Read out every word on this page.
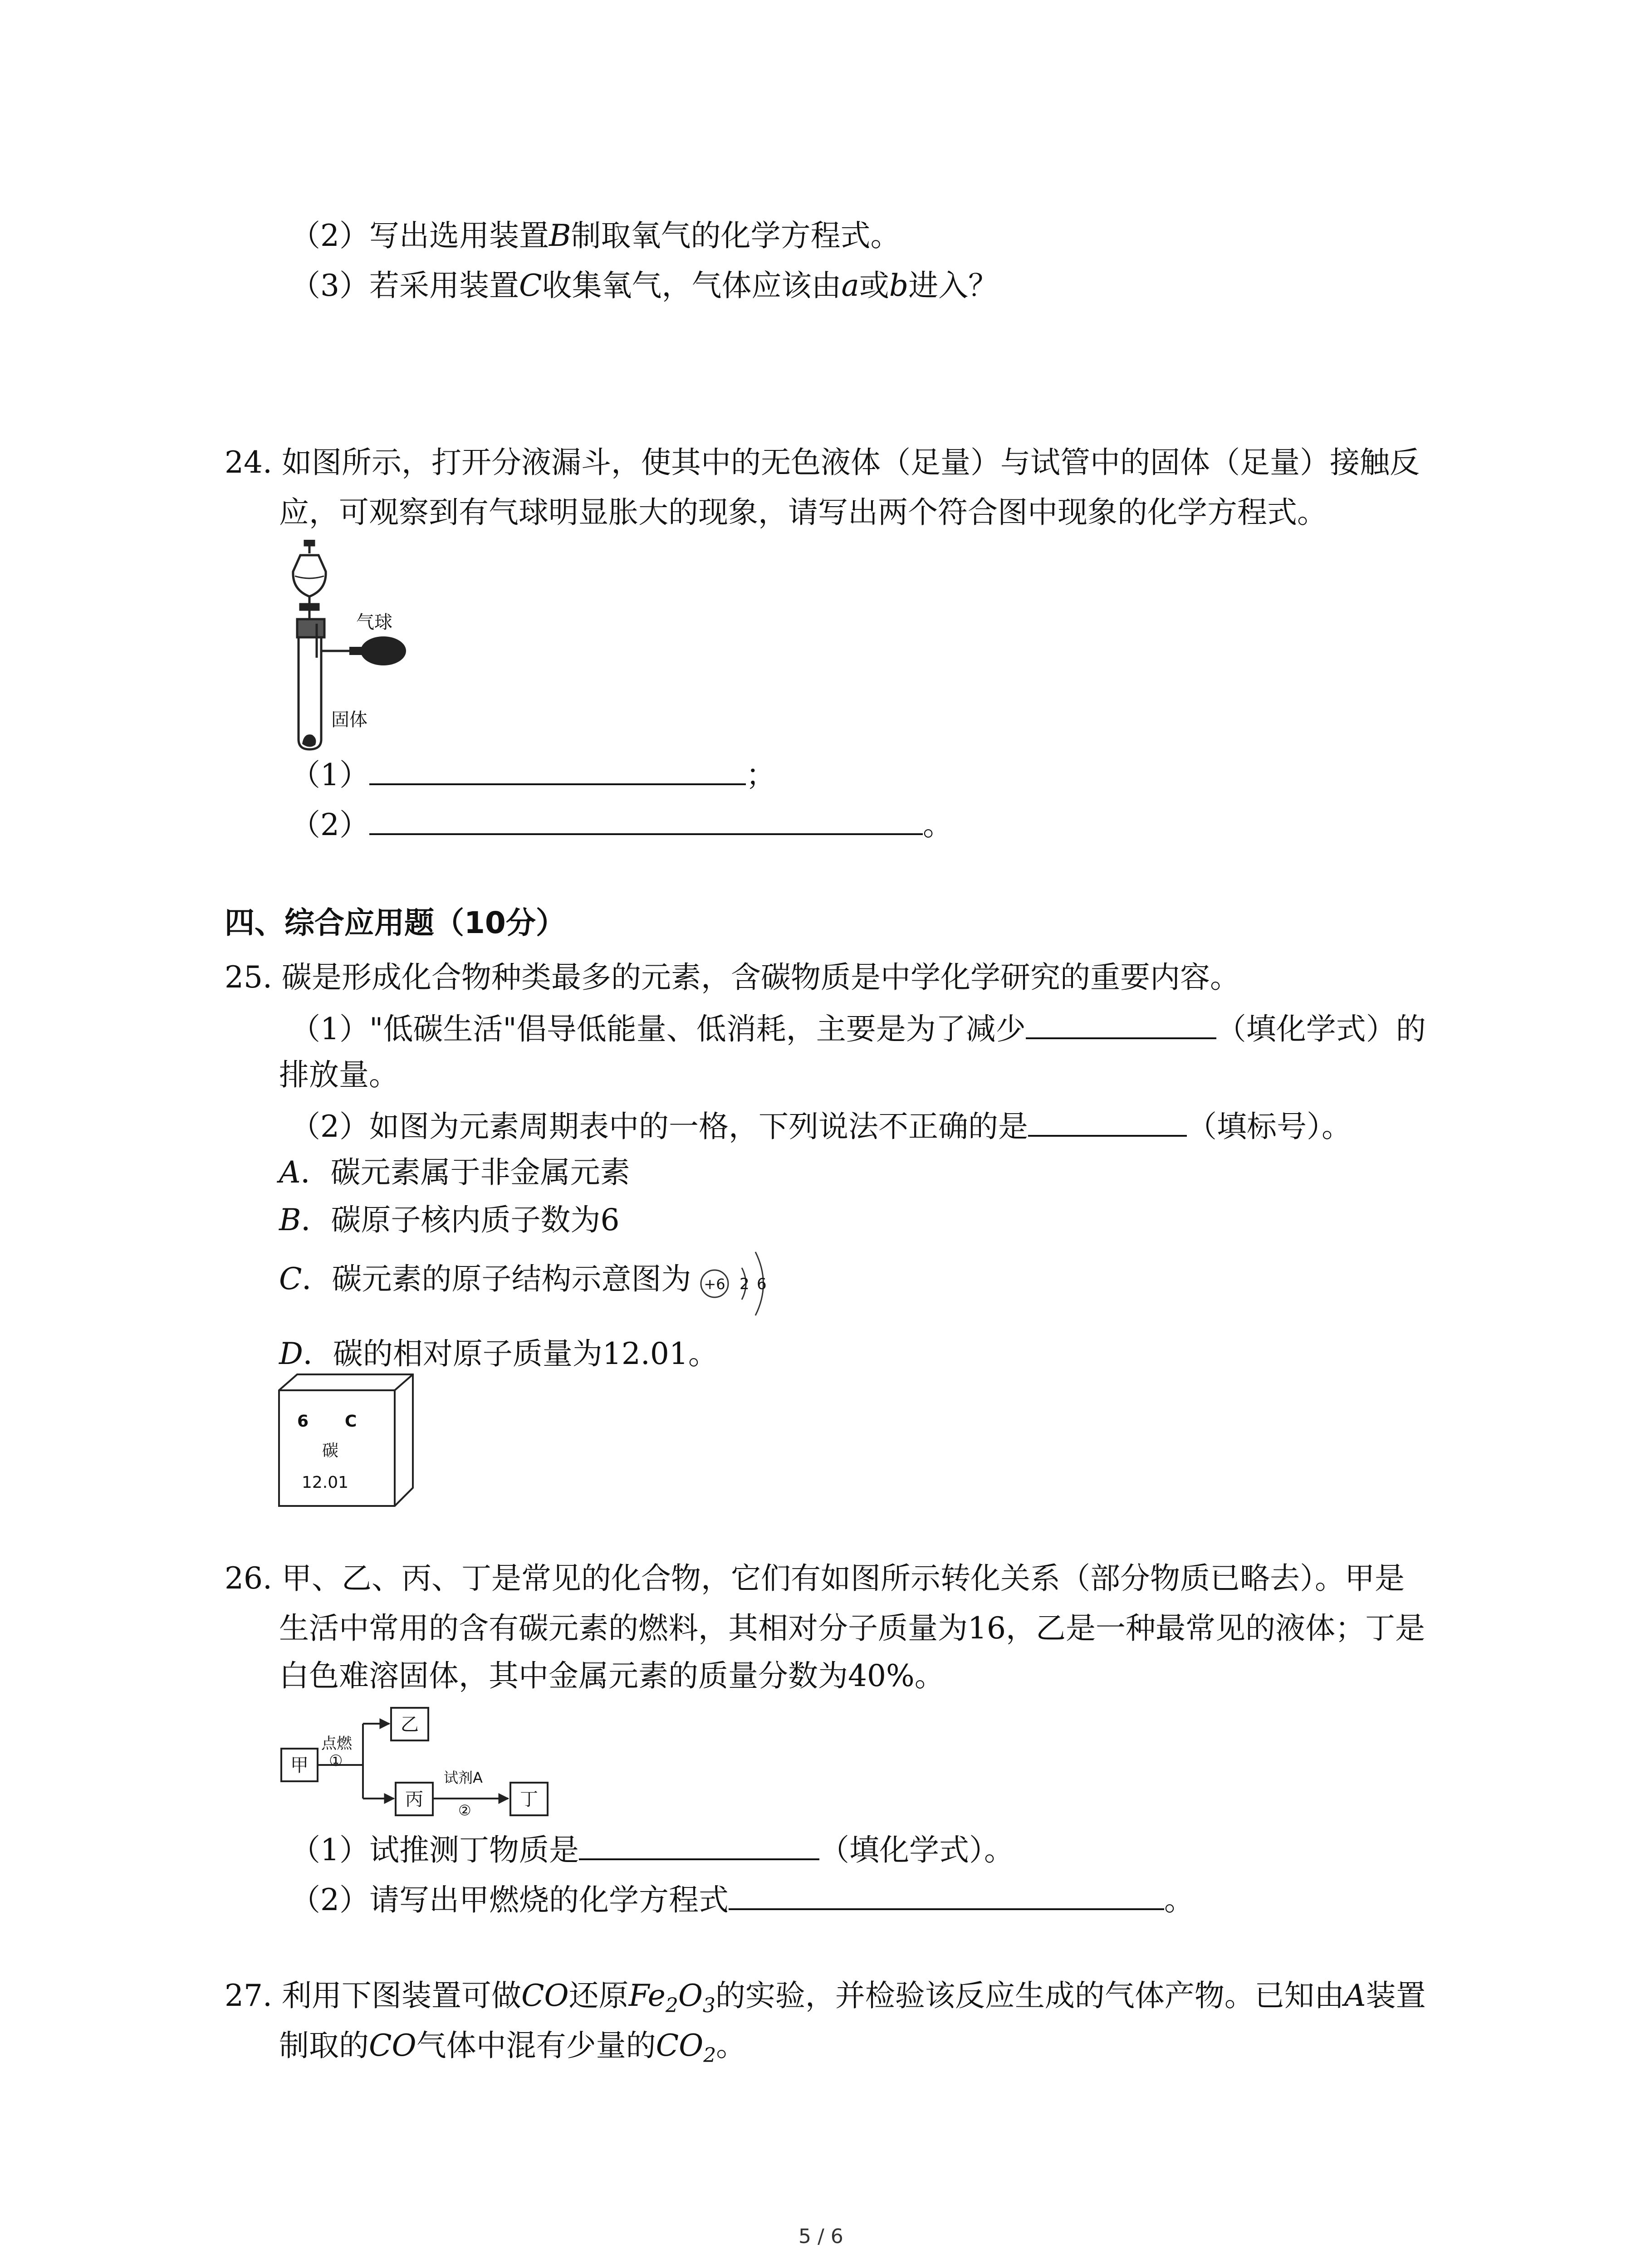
（2）写出选用装置B制取氧气的化学方程式。
（3）若采用装置C收集氧气，气体应该由a或b进入？
24. 如图所示，打开分液漏斗，使其中的无色液体（足量）与试管中的固体（足量）接触反
应，可观察到有气球明显胀大的现象，请写出两个符合图中现象的化学方程式。
气球
固体
（1）	；
（2）	。
四、综合应用题（10分）
25. 碳是形成化合物种类最多的元素，含碳物质是中学化学研究的重要内容。
（1）"低碳生活"倡导低能量、低消耗，主要是为了减少	（填化学式）的
排放量。
（2）如图为元素周期表中的一格，下列说法不正确的是	（填标号）。
A．碳元素属于非金属元素
B．碳原子核内质子数为6
C．碳元素的原子结构示意图为 +6 2 6
D．碳的相对原子质量为12.01。
6 C
碳
12.01
26. 甲、乙、丙、丁是常见的化合物，它们有如图所示转化关系（部分物质已略去）。甲是
生活中常用的含有碳元素的燃料，其相对分子质量为16，乙是一种最常见的液体；丁是
白色难溶固体，其中金属元素的质量分数为40%。
甲
点燃
①
乙
丙
试剂A
②
丁
（1）试推测丁物质是	（填化学式）。
（2）请写出甲燃烧的化学方程式	。
27. 利用下图装置可做CO还原$Fe_2O_3$的实验，并检验该反应生成的气体产物。已知由A装置
制取的CO气体中混有少量的$CO_2$。
5 / 6
